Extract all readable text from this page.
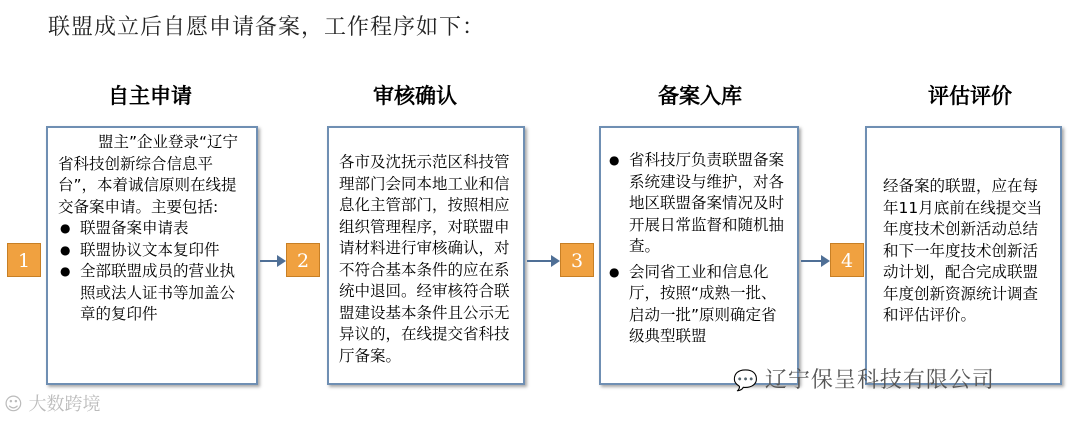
联盟成立后自愿申请备案，工作程序如下：
自主申请	审核确认	备案入库	评估评价

盟主”企业登录“辽宁省科技创新综合信息平台”，本着诚信原则在线提交备案申请。主要包括:

● 联盟备案申请表
● 联盟协议文本复印件
● 全部联盟成员的营业执照或法人证书等加盖公章的复印件

各市及沈抚示范区科技管理部门会同本地工业和信息化主管部门，按照相应组织管理程序，对联盟申请材料进行审核确认，对不符合基本条件的应在系统中退回。经审核符合联盟建设基本条件且公示无异议的，在线提交省科技厅备案。

● 省科技厅负责联盟备案系统建设与维护，对各地区联盟备案情况及时开展日常监督和随机抽查。
● 会同省工业和信息化厅，按照“成熟一批、启动一批”原则确定省级典型联盟

经备案的联盟，应在每年11月底前在线提交当年度技术创新活动总结和下一年度技术创新活动计划，配合完成联盟年度创新资源统计调查和评估评价。

1	2	3	4
💬 辽宁保呈科技有限公司
☺ 大数跨境
